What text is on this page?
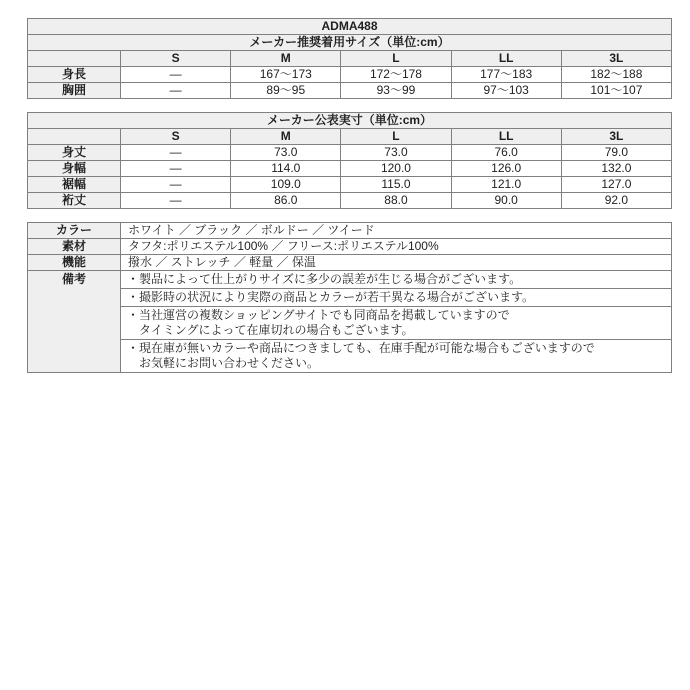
ADMA488					
メーカー推奨着用サイズ（単位:cm）					
	S	M	L	LL	3L
身長	―	167～173	172～178	177～183	182～188
胸囲	―	89～95	93～99	97～103	101～107
メーカー公表実寸（単位:cm）					
	S	M	L	LL	3L
身丈	―	73.0	73.0	76.0	79.0
身幅	―	114.0	120.0	126.0	132.0
裾幅	―	109.0	115.0	121.0	127.0
裄丈	―	86.0	88.0	90.0	92.0
カラー	ホワイト ／ ブラック ／ ボルドー ／ ツイード
素材	タフタ:ポリエステル100% ／ フリース:ポリエステル100%
機能	撥水 ／ ストレッチ ／ 軽量 ／ 保温
備考	・製品によって仕上がりサイズに多少の誤差が生じる場合がございます。

	・撮影時の状況により実際の商品とカラーが若干異なる場合がございます。

	・当社運営の複数ショッピングサイトでも同商品を掲載していますので
　タイミングによって在庫切れの場合もございます。

	・現在庫が無いカラーや商品につきましても、在庫手配が可能な場合もございますので
　お気軽にお問い合わせください。
